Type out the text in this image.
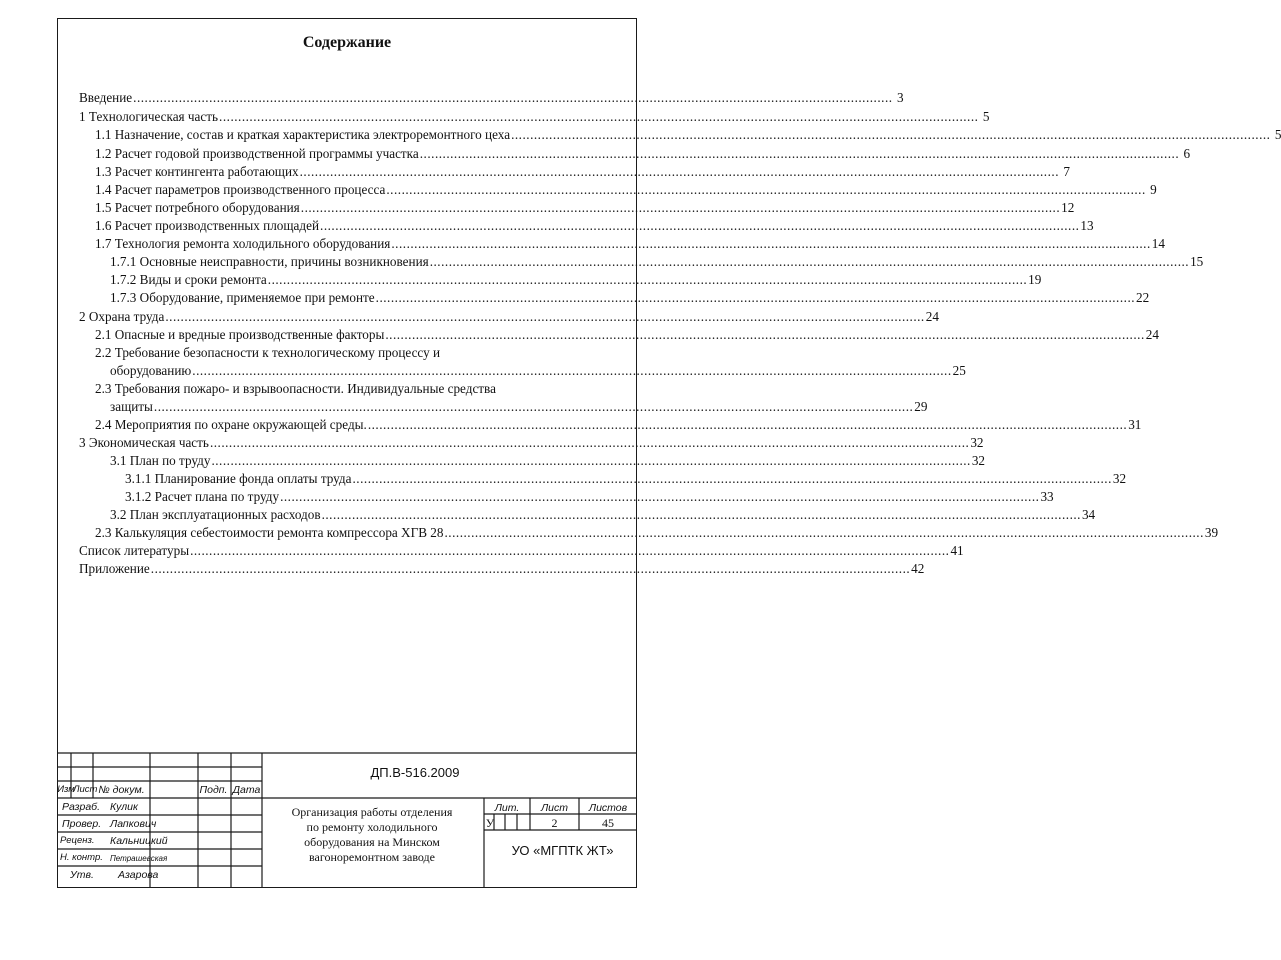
Содержание
Введение ........................................................................................................................................................................................................ 3
1 Технологическая часть ........................................................................................................................................................................................................ 5
1.1 Назначение, состав и краткая характеристика электроремонтного цеха ........................................................................................................................................................................................................ 5
1.2 Расчет годовой производственной программы участка ........................................................................................................................................................................................................ 6
1.3 Расчет контингента работающих ........................................................................................................................................................................................................ 7
1.4 Расчет параметров производственного процесса ........................................................................................................................................................................................................ 9
1.5 Расчет потребного оборудования ........................................................................................................................................................................................................ 12
1.6 Расчет производственных площадей ........................................................................................................................................................................................................ 13
1.7 Технология ремонта холодильного оборудования ........................................................................................................................................................................................................ 14
1.7.1 Основные неисправности, причины возникновения ........................................................................................................................................................................................................ 15
1.7.2 Виды и сроки ремонта ........................................................................................................................................................................................................ 19
1.7.3 Оборудование, применяемое при ремонте ........................................................................................................................................................................................................ 22
2 Охрана труда ........................................................................................................................................................................................................ 24
2.1 Опасные и вредные производственные факторы ........................................................................................................................................................................................................ 24
2.2 Требование безопасности к технологическому процессу и
оборудованию ........................................................................................................................................................................................................ 25
2.3 Требования пожаро- и взрывоопасности. Индивидуальные средства
защиты ........................................................................................................................................................................................................ 29
2.4 Мероприятия по охране окружающей среды. ........................................................................................................................................................................................................ 31
3 Экономическая часть ........................................................................................................................................................................................................ 32
3.1 План по труду ........................................................................................................................................................................................................ 32
3.1.1 Планирование фонда оплаты труда ........................................................................................................................................................................................................ 32
3.1.2 Расчет плана по труду ........................................................................................................................................................................................................ 33
3.2 План эксплуатационных расходов ........................................................................................................................................................................................................ 34
2.3 Калькуляция себестоимости ремонта компрессора ХГВ 28 ........................................................................................................................................................................................................ 39
Список литературы ........................................................................................................................................................................................................ 41
Приложение ........................................................................................................................................................................................................ 42
ДП.В-516.2009
Изм
Лист № докум.	Подп. Дата
Разраб. Кулик
Провер. Лапкович
Реценз. Кальницкий
Н. контр. Петрашевская
Утв. Азарова
Организация работы отделения
по ремонту холодильного
оборудования на Минском
вагоноремонтном заводе
Лит.	Лист	Листов
У	2	45
УО «МГПТК ЖТ»
